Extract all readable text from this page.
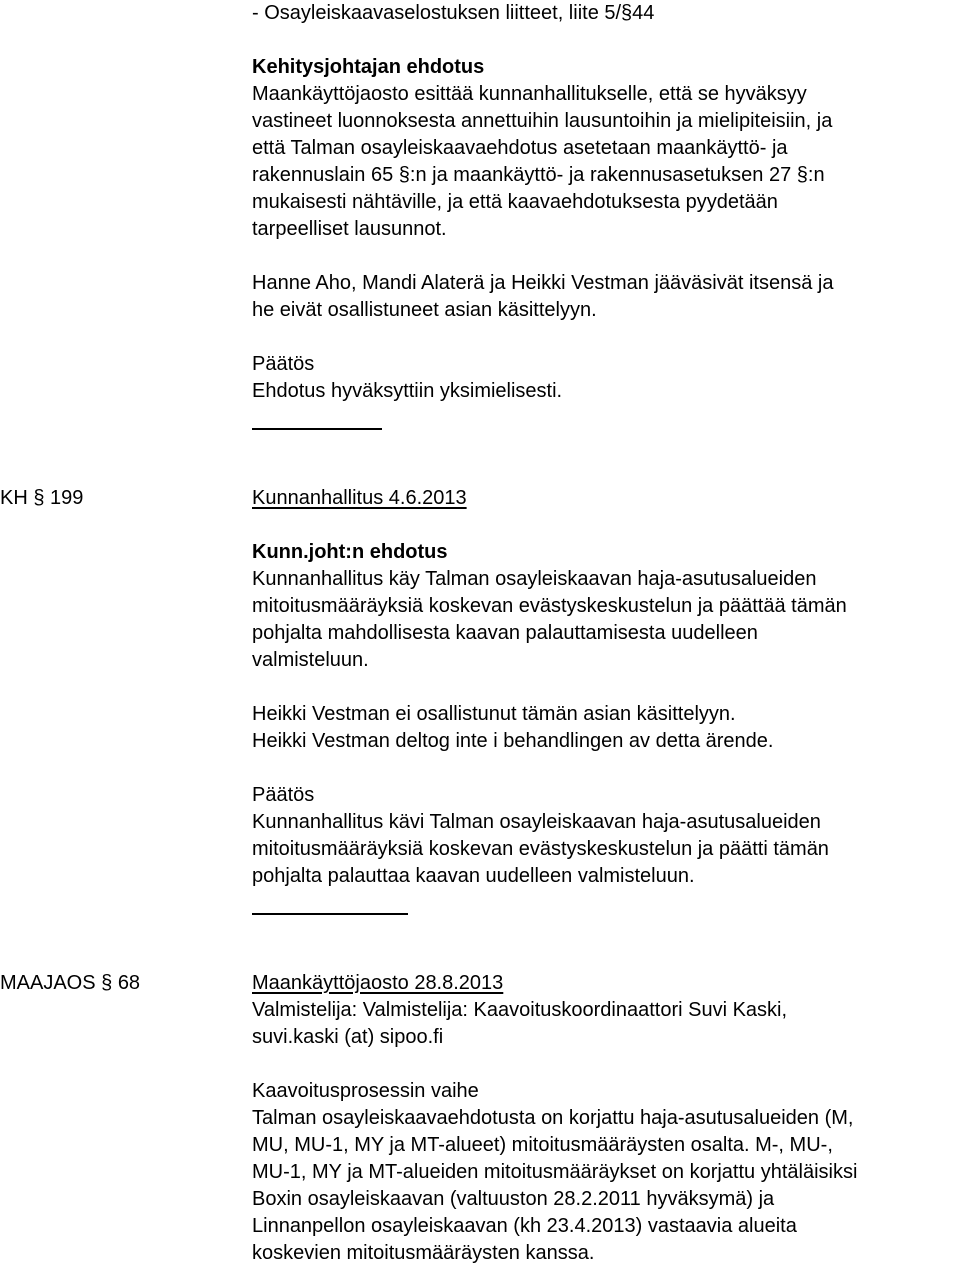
- Osayleiskaavaselostuksen liitteet, liite 5/§44
Kehitysjohtajan ehdotus
Maankäyttöjaosto esittää kunnanhallitukselle, että se hyväksyy
vastineet luonnoksesta annettuihin lausuntoihin ja mielipiteisiin, ja
että Talman osayleiskaavaehdotus asetetaan maankäyttö- ja
rakennuslain 65 §:n ja maankäyttö- ja rakennusasetuksen 27 §:n
mukaisesti nähtäville, ja että kaavaehdotuksesta pyydetään
tarpeelliset lausunnot.
Hanne Aho, Mandi Alaterä ja Heikki Vestman jääväsivät itsensä ja
he eivät osallistuneet asian käsittelyyn.
Päätös
Ehdotus hyväksyttiin yksimielisesti.
KH § 199	Kunnanhallitus 4.6.2013
Kunn.joht:n ehdotus
Kunnanhallitus käy Talman osayleiskaavan haja-asutusalueiden
mitoitusmääräyksiä koskevan evästyskeskustelun ja päättää tämän
pohjalta mahdollisesta kaavan palauttamisesta uudelleen
valmisteluun.
Heikki Vestman ei osallistunut tämän asian käsittelyyn.
Heikki Vestman deltog inte i behandlingen av detta ärende.
Päätös
Kunnanhallitus kävi Talman osayleiskaavan haja-asutusalueiden
mitoitusmääräyksiä koskevan evästyskeskustelun ja päätti tämän
pohjalta palauttaa kaavan uudelleen valmisteluun.
MAAJAOS § 68	Maankäyttöjaosto 28.8.2013
Valmistelija: Valmistelija: Kaavoituskoordinaattori Suvi Kaski,
suvi.kaski (at) sipoo.fi
Kaavoitusprosessin vaihe
Talman osayleiskaavaehdotusta on korjattu haja-asutusalueiden (M,
MU, MU-1, MY ja MT-alueet) mitoitusmääräysten osalta. M-, MU-,
MU-1, MY ja MT-alueiden mitoitusmääräykset on korjattu yhtäläisiksi
Boxin osayleiskaavan (valtuuston 28.2.2011 hyväksymä) ja
Linnanpellon osayleiskaavan (kh 23.4.2013) vastaavia alueita
koskevien mitoitusmääräysten kanssa.
